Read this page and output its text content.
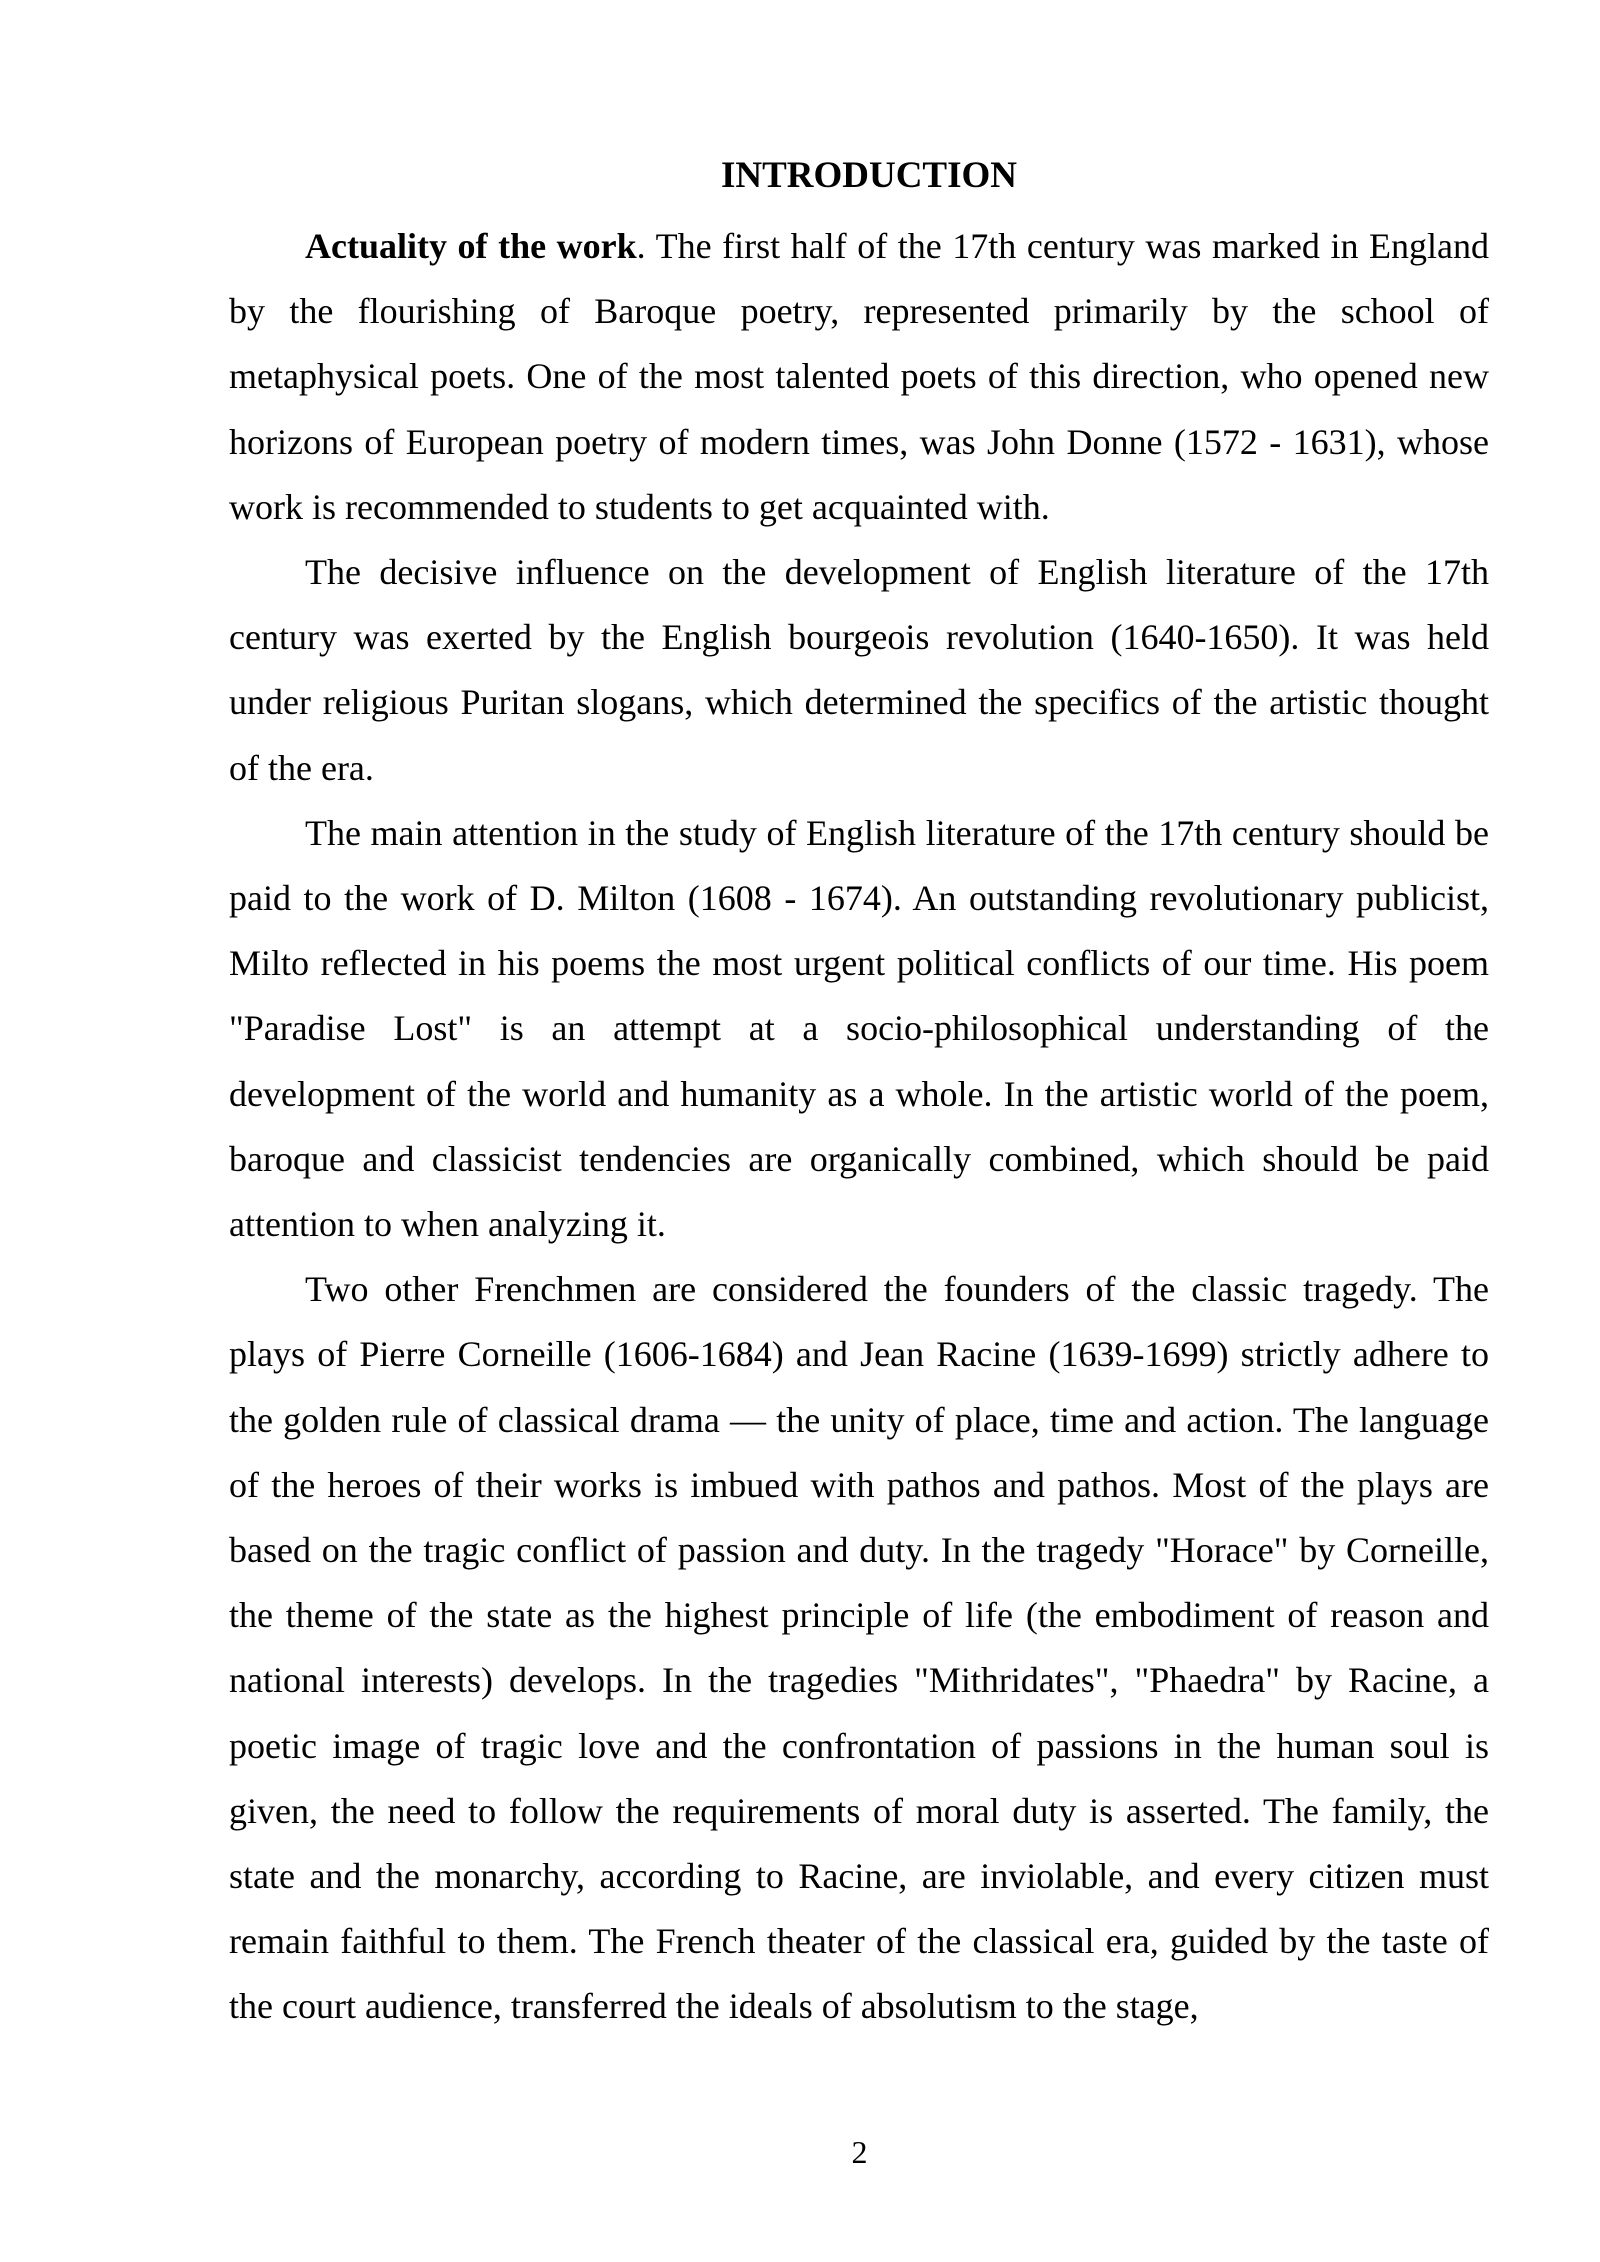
INTRODUCTION

Actuality of the work. The first half of the 17th century was marked in England by the flourishing of Baroque poetry, represented primarily by the school of metaphysical poets. One of the most talented poets of this direction, who opened new horizons of European poetry of modern times, was John Donne (1572 - 1631), whose work is recommended to students to get acquainted with.

The decisive influence on the development of English literature of the 17th century was exerted by the English bourgeois revolution (1640-1650). It was held under religious Puritan slogans, which determined the specifics of the artistic thought of the era.

The main attention in the study of English literature of the 17th century should be paid to the work of D. Milton (1608 - 1674). An outstanding revolutionary publicist, Milto reflected in his poems the most urgent political conflicts of our time. His poem "Paradise Lost" is an attempt at a socio-philosophical understanding of the development of the world and humanity as a whole. In the artistic world of the poem, baroque and classicist tendencies are organically combined, which should be paid attention to when analyzing it.

Two other Frenchmen are considered the founders of the classic tragedy. The plays of Pierre Corneille (1606-1684) and Jean Racine (1639-1699) strictly adhere to the golden rule of classical drama — the unity of place, time and action. The language of the heroes of their works is imbued with pathos and pathos. Most of the plays are based on the tragic conflict of passion and duty. In the tragedy "Horace" by Corneille, the theme of the state as the highest principle of life (the embodiment of reason and national interests) develops. In the tragedies "Mithridates", "Phaedra" by Racine, a poetic image of tragic love and the confrontation of passions in the human soul is given, the need to follow the requirements of moral duty is asserted. The family, the state and the monarchy, according to Racine, are inviolable, and every citizen must remain faithful to them. The French theater of the classical era, guided by the taste of the court audience, transferred the ideals of absolutism to the stage,

2
